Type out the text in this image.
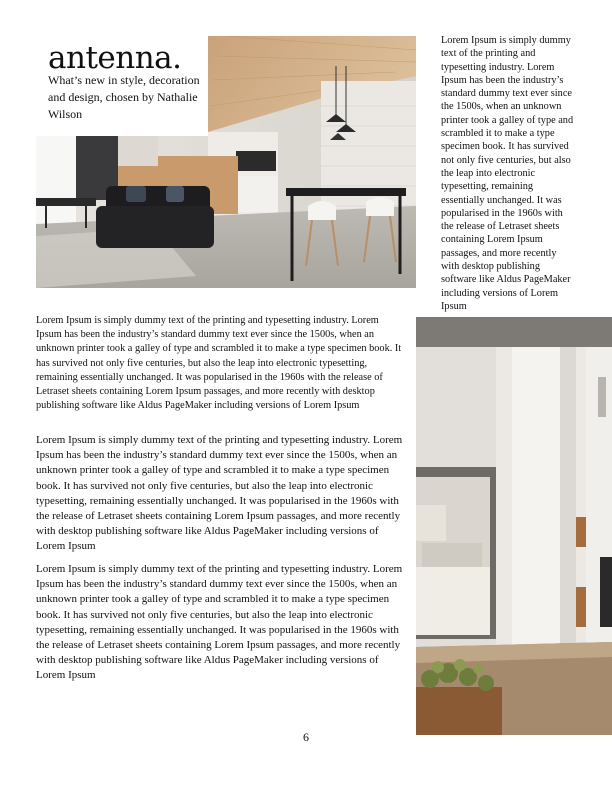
antenna.

What’s new in style, decoration and design, chosen by Nathalie Wilson

Lorem Ipsum is simply dummy text of the printing and typesetting industry. Lorem Ipsum has been the industry’s standard dummy text ever since the 1500s, when an unknown printer took a galley of type and scrambled it to make a type specimen book. It has survived not only five centuries, but also the leap into electronic typesetting, remaining essentially unchanged. It was popularised in the 1960s with the release of Letraset sheets containing Lorem Ipsum passages, and more recently with desktop publishing software like Aldus PageMaker including versions of Lorem Ipsum

Lorem Ipsum is simply dummy text of the printing and typesetting industry. Lorem Ipsum has been the industry’s standard dummy text ever since the 1500s, when an unknown printer took a galley of type and scrambled it to make a type specimen book. It has survived not only five centuries, but also the leap into electronic typesetting, remaining essentially unchanged. It was popularised in the 1960s with the release of Letraset sheets containing Lorem Ipsum passages, and more recently with desktop publishing software like Aldus PageMaker including versions of Lorem Ipsum

Lorem Ipsum is simply dummy text of the printing and typesetting industry. Lorem Ipsum has been the industry’s standard dummy text ever since the 1500s, when an unknown printer took a galley of type and scrambled it to make a type specimen book. It has survived not only five centuries, but also the leap into electronic typesetting, remaining essentially unchanged. It was popularised in the 1960s with the release of Letraset sheets containing Lorem Ipsum passages, and more recently with desktop publishing software like Aldus PageMaker including versions of Lorem Ipsum

Lorem Ipsum is simply dummy text of the printing and typesetting industry. Lorem Ipsum has been the industry’s standard dummy text ever since the 1500s, when an unknown printer took a galley of type and scrambled it to make a type specimen book. It has survived not only five centuries, but also the leap into electronic typesetting, remaining essentially unchanged. It was popularised in the 1960s with the release of Letraset sheets containing Lorem Ipsum passages, and more recently with desktop publishing software like Aldus PageMaker including versions of Lorem Ipsum

6
